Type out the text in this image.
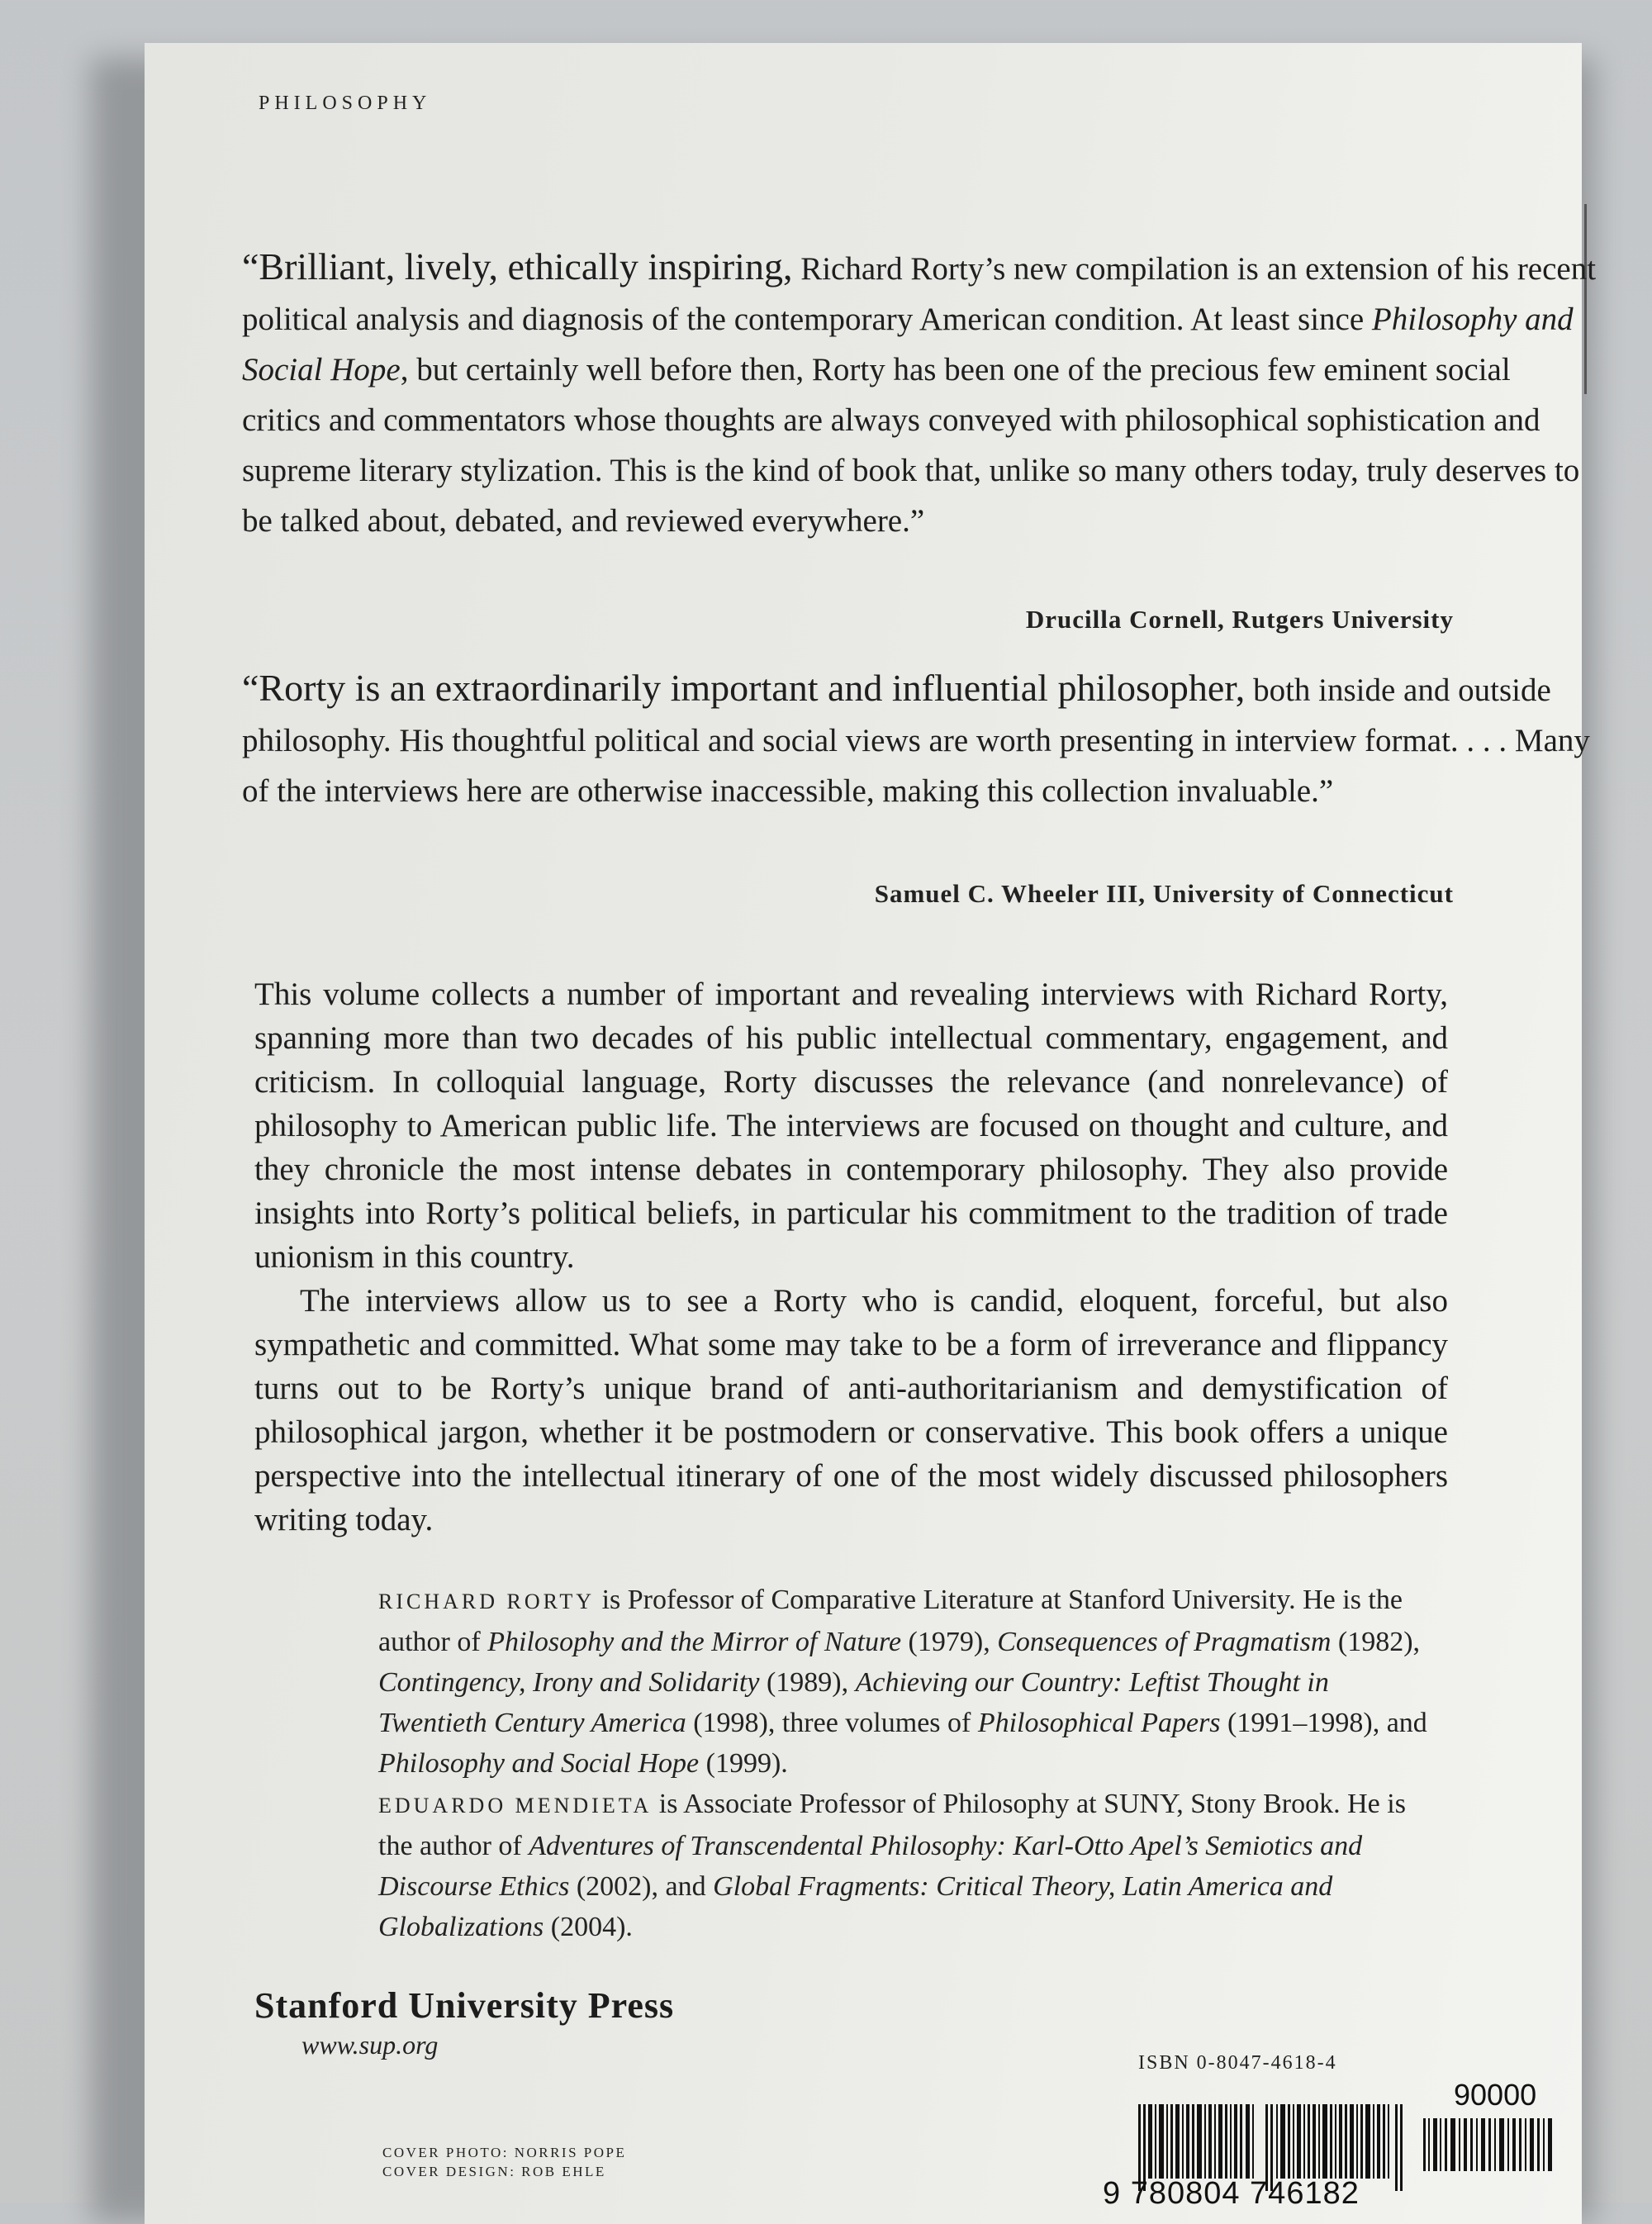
PHILOSOPHY

“Brilliant, lively, ethically inspiring, Richard Rorty’s new compilation is an extension of his recent political analysis and diagnosis of the contemporary American condition. At least since Philosophy and Social Hope, but certainly well before then, Rorty has been one of the precious few eminent social critics and commentators whose thoughts are always conveyed with philosophical sophistication and supreme literary stylization. This is the kind of book that, unlike so many others today, truly deserves to be talked about, debated, and reviewed everywhere.”

Drucilla Cornell, Rutgers University

“Rorty is an extraordinarily important and influential philosopher, both inside and outside philosophy. His thoughtful political and social views are worth presenting in interview format. . . . Many of the interviews here are otherwise inaccessible, making this collection invaluable.”

Samuel C. Wheeler III, University of Connecticut

This volume collects a number of important and revealing interviews with Richard Rorty, spanning more than two decades of his public intellectual commentary, engagement, and criticism. In colloquial language, Rorty discusses the relevance (and nonrelevance) of philosophy to American public life. The interviews are focused on thought and culture, and they chronicle the most intense debates in contemporary philosophy. They also provide insights into Rorty’s political beliefs, in particular his commitment to the tradition of trade unionism in this country.

The interviews allow us to see a Rorty who is candid, eloquent, forceful, but also sympathetic and committed. What some may take to be a form of irreverance and flippancy turns out to be Rorty’s unique brand of anti-authoritarianism and demystification of philosophical jargon, whether it be postmodern or conservative. This book offers a unique perspective into the intellectual itinerary of one of the most widely discussed philosophers writing today.

RICHARD RORTY is Professor of Comparative Literature at Stanford University. He is the author of Philosophy and the Mirror of Nature (1979), Consequences of Pragmatism (1982), Contingency, Irony and Solidarity (1989), Achieving our Country: Leftist Thought in Twentieth Century America (1998), three volumes of Philosophical Papers (1991–1998), and Philosophy and Social Hope (1999).

EDUARDO MENDIETA is Associate Professor of Philosophy at SUNY, Stony Brook. He is the author of Adventures of Transcendental Philosophy: Karl-Otto Apel’s Semiotics and Discourse Ethics (2002), and Global Fragments: Critical Theory, Latin America and Globalizations (2004).

Stanford University Press
www.sup.org
ISBN 0-8047-4618-4
COVER PHOTO: NORRIS POPE
COVER DESIGN: ROB EHLE
9 780804 746182
90000
